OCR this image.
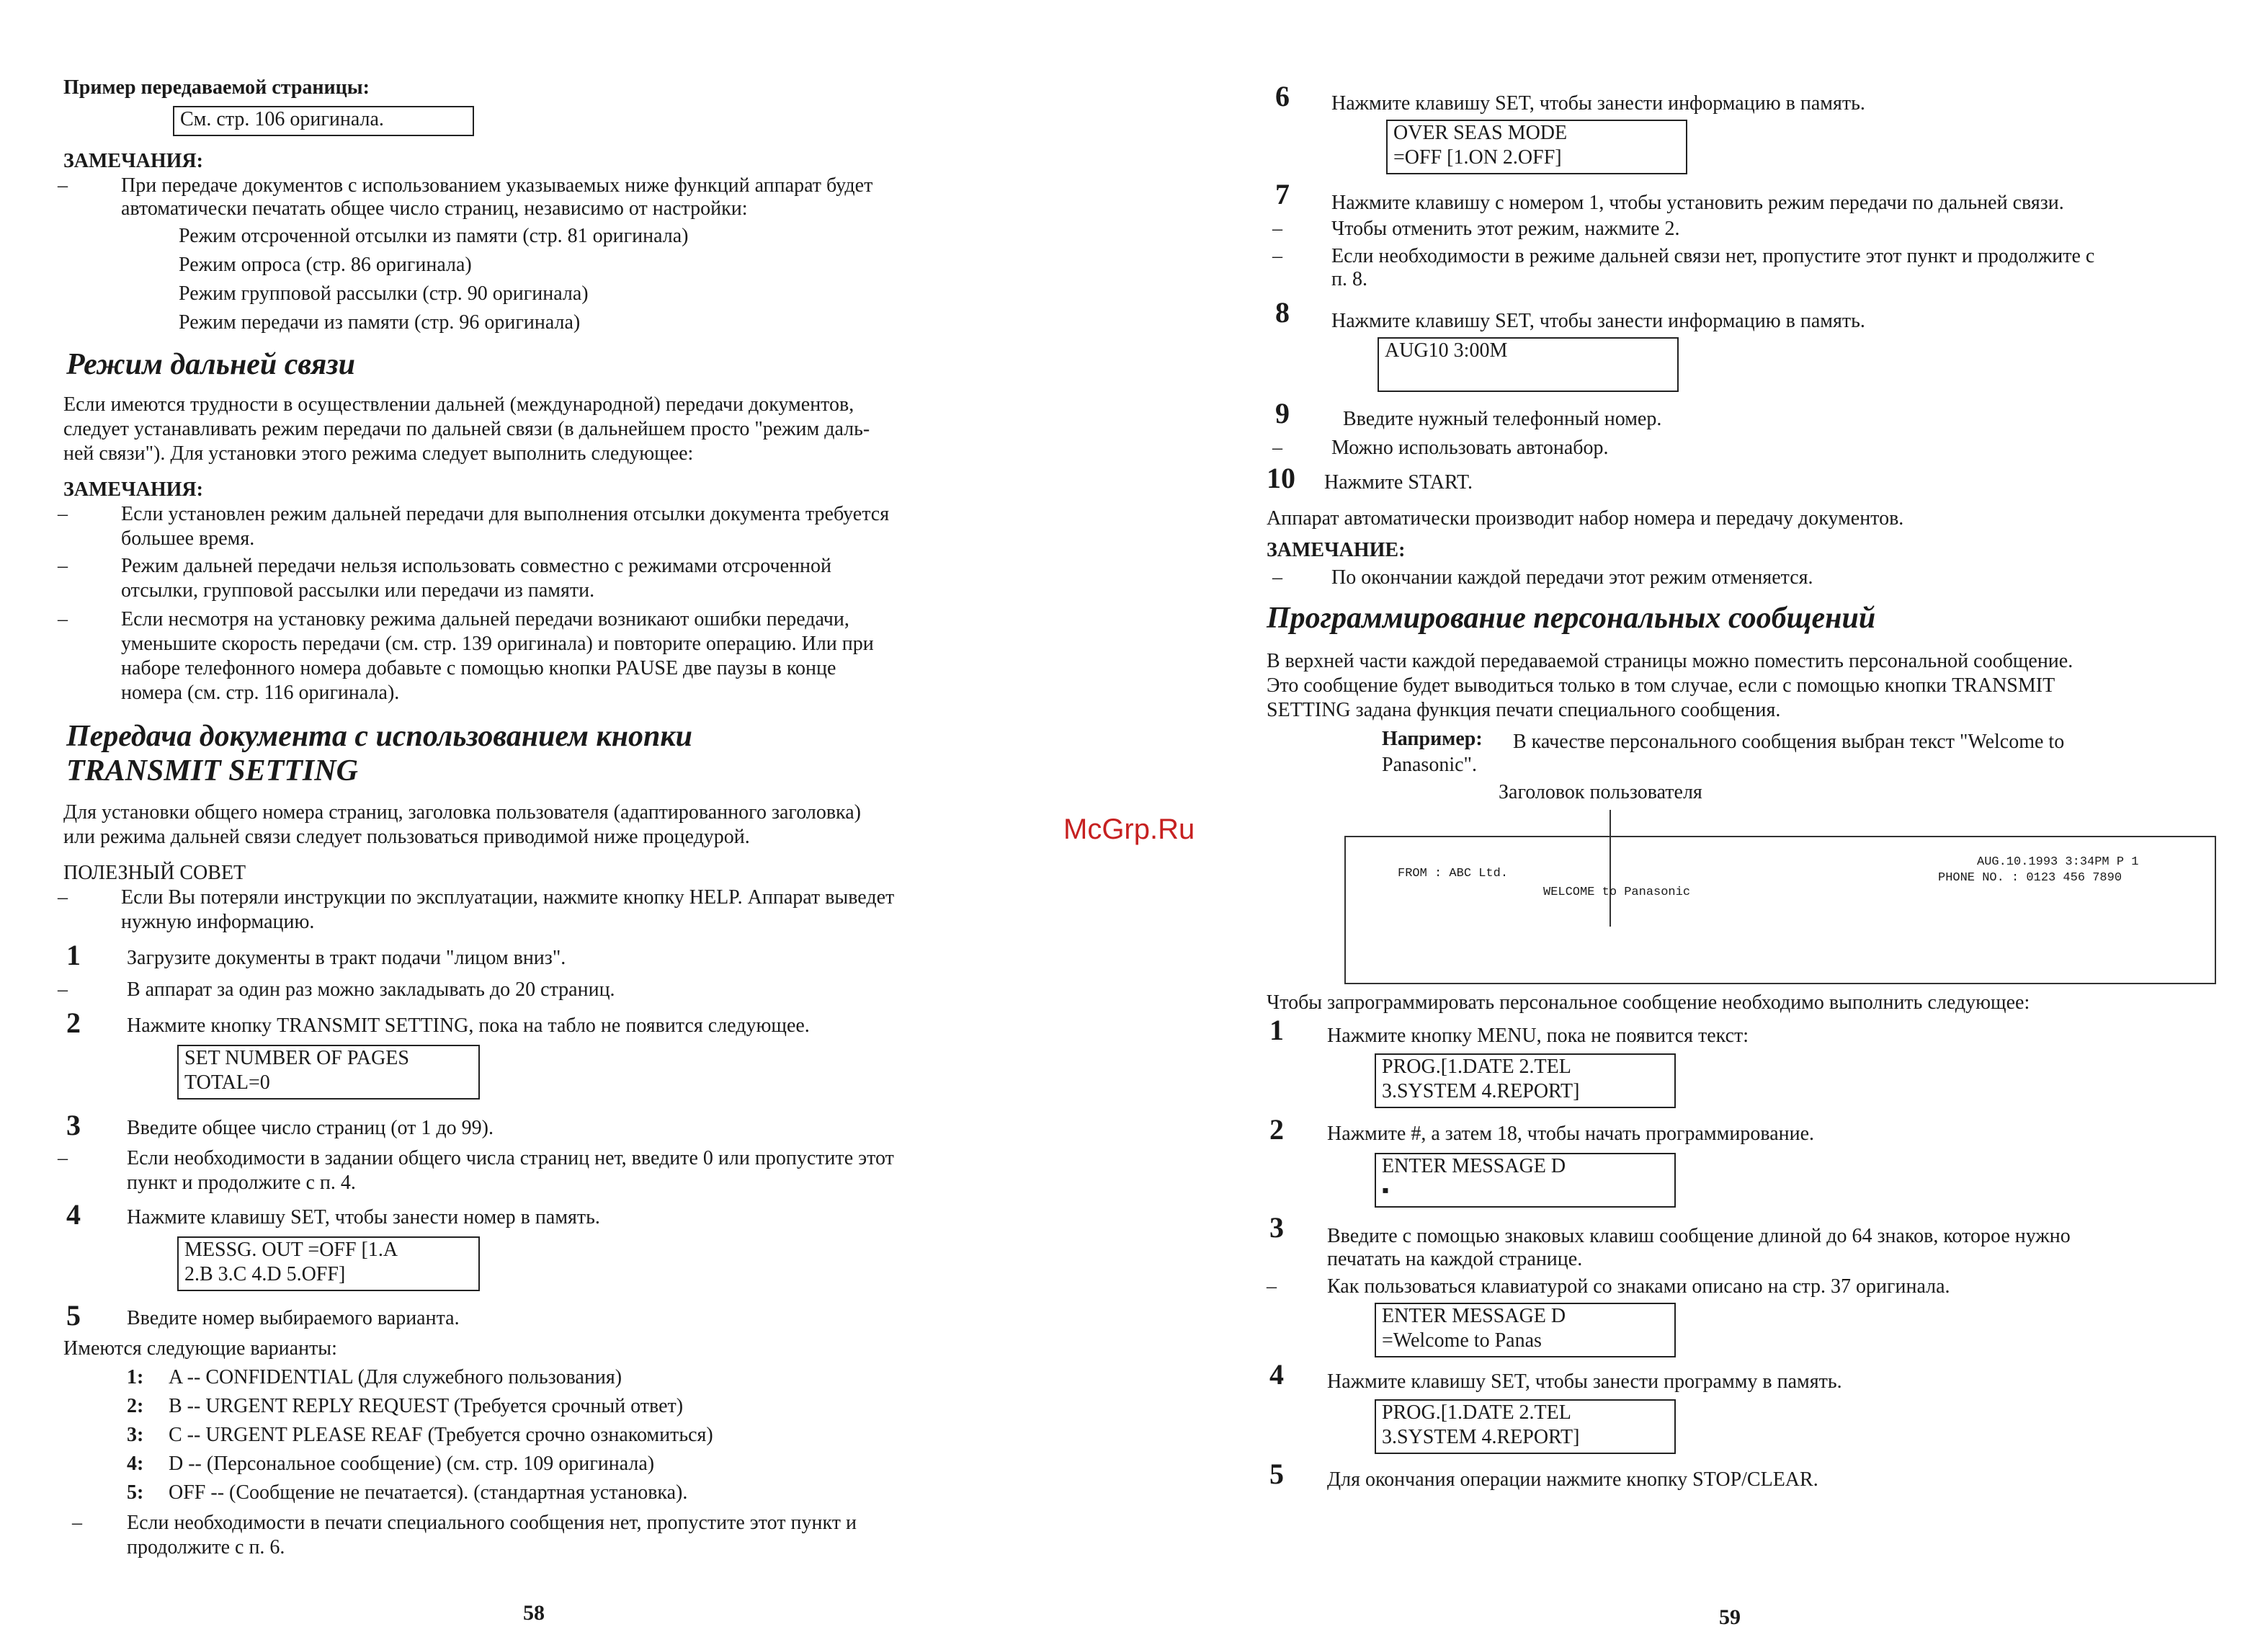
Пример передаваемой страницы:
См. стр. 106 оригинала.
ЗАМЕЧАНИЯ:
–	При передаче документов с использованием указываемых ниже функций аппарат будет
автоматически печатать общее число страниц, независимо от настройки:
Режим отсроченной отсылки из памяти (стр. 81 оригинала)
Режим опроса (стр. 86 оригинала)
Режим групповой рассылки (стр. 90 оригинала)
Режим передачи из памяти (стр. 96 оригинала)
Режим дальней связи
Если имеются трудности в осуществлении дальней (международной) передачи документов,
следует устанавливать режим передачи по дальней связи (в дальнейшем просто "режим даль-
ней связи"). Для установки этого режима следует выполнить следующее:
ЗАМЕЧАНИЯ:
–	Если установлен режим дальней передачи для выполнения отсылки документа требуется
большее время.
–	Режим дальней передачи нельзя использовать совместно с режимами отсроченной
отсылки, групповой рассылки или передачи из памяти.
–	Если несмотря на установку режима дальней передачи возникают ошибки передачи,
уменьшите скорость передачи (см. стр. 139 оригинала) и повторите операцию. Или при
наборе телефонного номера добавьте с помощью кнопки PAUSE две паузы в конце
номера (см. стр. 116 оригинала).
Передача документа с использованием кнопки
TRANSMIT SETTING
Для установки общего номера страниц, заголовка пользователя (адаптированного заголовка)
или режима дальней связи следует пользоваться приводимой ниже процедурой.
ПОЛЕЗНЫЙ СОВЕТ
–	Если Вы потеряли инструкции по эксплуатации, нажмите кнопку HELP. Аппарат выведет
нужную информацию.
1 Загрузите документы в тракт подачи "лицом вниз".
–	В аппарат за один раз можно закладывать до 20 страниц.
2 Нажмите кнопку TRANSMIT SETTING, пока на табло не появится следующее.
SET NUMBER OF PAGES
TOTAL=0
3 Введите общее число страниц (от 1 до 99).
–	Если необходимости в задании общего числа страниц нет, введите 0 или пропустите этот
пункт и продолжите с п. 4.
4 Нажмите клавишу SET, чтобы занести номер в память.
MESSG. OUT =OFF [1.A
2.B 3.C 4.D 5.OFF]
5 Введите номер выбираемого варианта.
Имеются следующие варианты:
1: A -- CONFIDENTIAL (Для служебного пользования)
2: B -- URGENT REPLY REQUEST (Требуется срочный ответ)
3: C -- URGENT PLEASE REAF (Требуется срочно ознакомиться)
4: D -- (Персональное сообщение) (см. стр. 109 оригинала)
5: OFF -- (Сообщение не печатается). (стандартная установка).
– Если необходимости в печати специального сообщения нет, пропустите этот пункт и
продолжите с п. 6.
58
McGrp.Ru
6 Нажмите клавишу SET, чтобы занести информацию в память.
OVER SEAS MODE
=OFF [1.ON 2.OFF]
7 Нажмите клавишу с номером 1, чтобы установить режим передачи по дальней связи.
– Чтобы отменить этот режим, нажмите 2.
– Если необходимости в режиме дальней связи нет, пропустите этот пункт и продолжите с
п. 8.
8 Нажмите клавишу SET, чтобы занести информацию в память.
AUG10 3:00M
9	Введите нужный телефонный номер.
– Можно использовать автонабор.
10 Нажмите START.
Аппарат автоматически производит набор номера и передачу документов.
ЗАМЕЧАНИЕ:
– По окончании каждой передачи этот режим отменяется.
Программирование персональных сообщений
В верхней части каждой передаваемой страницы можно поместить персональной сообщение.
Это сообщение будет выводиться только в том случае, если с помощью кнопки TRANSMIT
SETTING задана функция печати специального сообщения.
Например: В качестве персонального сообщения выбран текст "Welcome to
Panasonic".
Заголовок пользователя
FROM : ABC Ltd.
WELCOME to Panasonic
AUG.10.1993 3:34PM P 1
PHONE NO. : 0123 456 7890
Чтобы запрограммировать персональное сообщение необходимо выполнить следующее:
1 Нажмите кнопку MENU, пока не появится текст:
PROG.[1.DATE 2.TEL
3.SYSTEM 4.REPORT]
2 Нажмите #, а затем 18, чтобы начать программирование.
ENTER MESSAGE D
▪
3 Введите с помощью знаковых клавиш сообщение длиной до 64 знаков, которое нужно
печатать на каждой странице.
–	Как пользоваться клавиатурой со знаками описано на стр. 37 оригинала.
ENTER MESSAGE D
=Welcome to Panas
4 Нажмите клавишу SET, чтобы занести программу в память.
PROG.[1.DATE 2.TEL
3.SYSTEM 4.REPORT]
5 Для окончания операции нажмите кнопку STOP/CLEAR.
59
